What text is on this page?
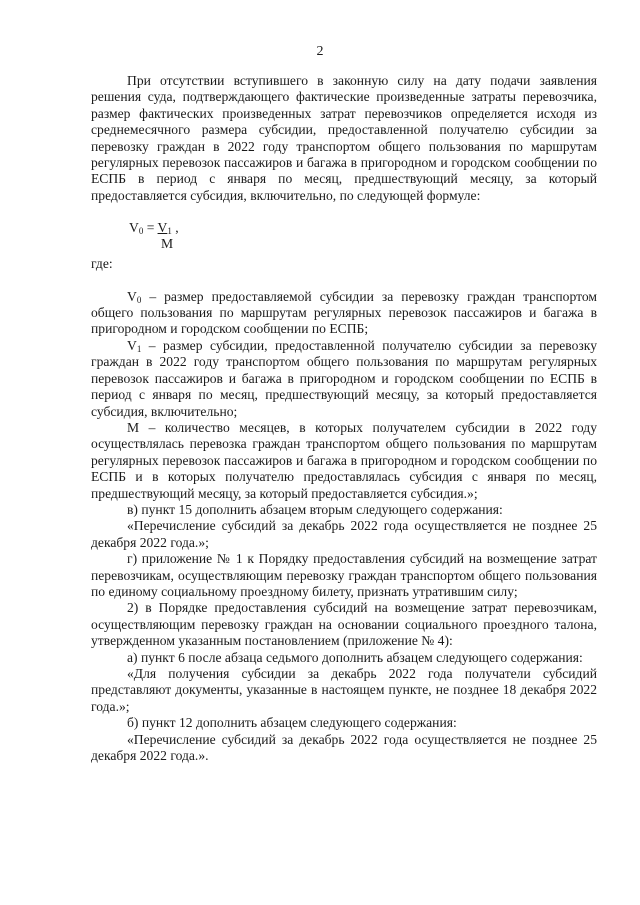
2

При отсутствии вступившего в законную силу на дату подачи заявления решения суда, подтверждающего фактические произведенные затраты перевозчика, размер фактических произведенных затрат перевозчиков определяется исходя из среднемесячного размера субсидии, предоставленной получателю субсидии за перевозку граждан в 2022 году транспортом общего пользования по маршрутам регулярных перевозок пассажиров и багажа в пригородном и городском сообщении по ЕСПБ в период с января по месяц, предшествующий месяцу, за который предоставляется субсидия, включительно, по следующей формуле:

$V_0 = V_1$ ,
М

где:

$V_0$ – размер предоставляемой субсидии за перевозку граждан транспортом общего пользования по маршрутам регулярных перевозок пассажиров и багажа в пригородном и городском сообщении по ЕСПБ;

$V_1$ – размер субсидии, предоставленной получателю субсидии за перевозку граждан в 2022 году транспортом общего пользования по маршрутам регулярных перевозок пассажиров и багажа в пригородном и городском сообщении по ЕСПБ в период с января по месяц, предшествующий месяцу, за который предоставляется субсидия, включительно;

М – количество месяцев, в которых получателем субсидии в 2022 году осуществлялась перевозка граждан транспортом общего пользования по маршрутам регулярных перевозок пассажиров и багажа в пригородном и городском сообщении по ЕСПБ и в которых получателю предоставлялась субсидия с января по месяц, предшествующий месяцу, за который предоставляется субсидия.»;

в) пункт 15 дополнить абзацем вторым следующего содержания:

«Перечисление субсидий за декабрь 2022 года осуществляется не позднее 25 декабря 2022 года.»;

г) приложение № 1 к Порядку предоставления субсидий на возмещение затрат перевозчикам, осуществляющим перевозку граждан транспортом общего пользования по единому социальному проездному билету, признать утратившим силу;

2) в Порядке предоставления субсидий на возмещение затрат перевозчикам, осуществляющим перевозку граждан на основании социального проездного талона, утвержденном указанным постановлением (приложение № 4):

а) пункт 6 после абзаца седьмого дополнить абзацем следующего содержания:

«Для получения субсидии за декабрь 2022 года получатели субсидий представляют документы, указанные в настоящем пункте, не позднее 18 декабря 2022 года.»;

б) пункт 12 дополнить абзацем следующего содержания:

«Перечисление субсидий за декабрь 2022 года осуществляется не позднее 25 декабря 2022 года.».
